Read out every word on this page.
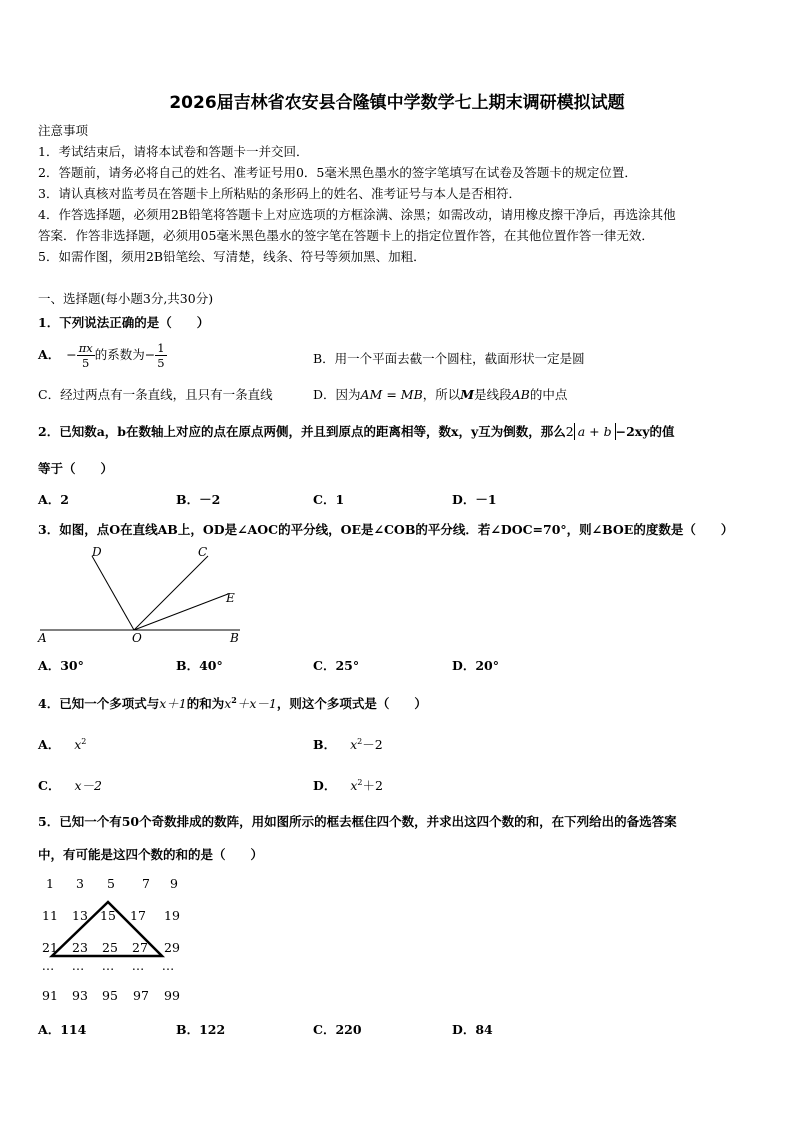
2026届吉林省农安县合隆镇中学数学七上期末调研模拟试题
注意事项
1．考试结束后，请将本试卷和答题卡一并交回．
2．答题前，请务必将自己的姓名、准考证号用0．5毫米黑色墨水的签字笔填写在试卷及答题卡的规定位置．
3．请认真核对监考员在答题卡上所粘贴的条形码上的姓名、准考证号与本人是否相符．
4．作答选择题，必须用2B铅笔将答题卡上对应选项的方框涂满、涂黑；如需改动，请用橡皮擦干净后，再选涂其他
答案．作答非选择题，必须用05毫米黑色墨水的签字笔在答题卡上的指定位置作答，在其他位置作答一律无效．
5．如需作图，须用2B铅笔绘、写清楚，线条、符号等须加黑、加粗．
一、选择题(每小题3分,共30分)
1．下列说法正确的是（　　）
A． − $\frac{\pi x}{5}$ 的系数为− $\frac{1}{5}$	B．用一个平面去截一个圆柱，截面形状一定是圆
C．经过两点有一条直线，且只有一条直线	D．因为AM = MB，所以M是线段AB的中点
2．已知数a，b在数轴上对应的点在原点两侧，并且到原点的距离相等，数x，y互为倒数，那么2 a + b −2xy的值
等于（　　）
A．2	B．－2	C．1	D．－1
3．如图，点O在直线AB上，OD是∠AOC的平分线，OE是∠COB的平分线．若∠DOC=70°，则∠BOE的度数是（　　）
D	C
E
A	O	B
A．30°	B．40°	C．25°	D．20°
4．已知一个多项式与x＋1的和为$x^2+x-1$，则这个多项式是（　　）
A． $x^2$	B． $x^2-2$
C． x－2	D． $x^2+2$
5．已知一个有50个奇数排成的数阵，用如图所示的框去框住四个数，并求出这四个数的和，在下列给出的备选答案
中，有可能是这四个数的和的是（　　）
1	3	5	7	9
11	13 15	17	19
21	23	25	27	29
…	…	…	…	…
91	93	95	97	99
A．114	B．122	C．220	D．84
